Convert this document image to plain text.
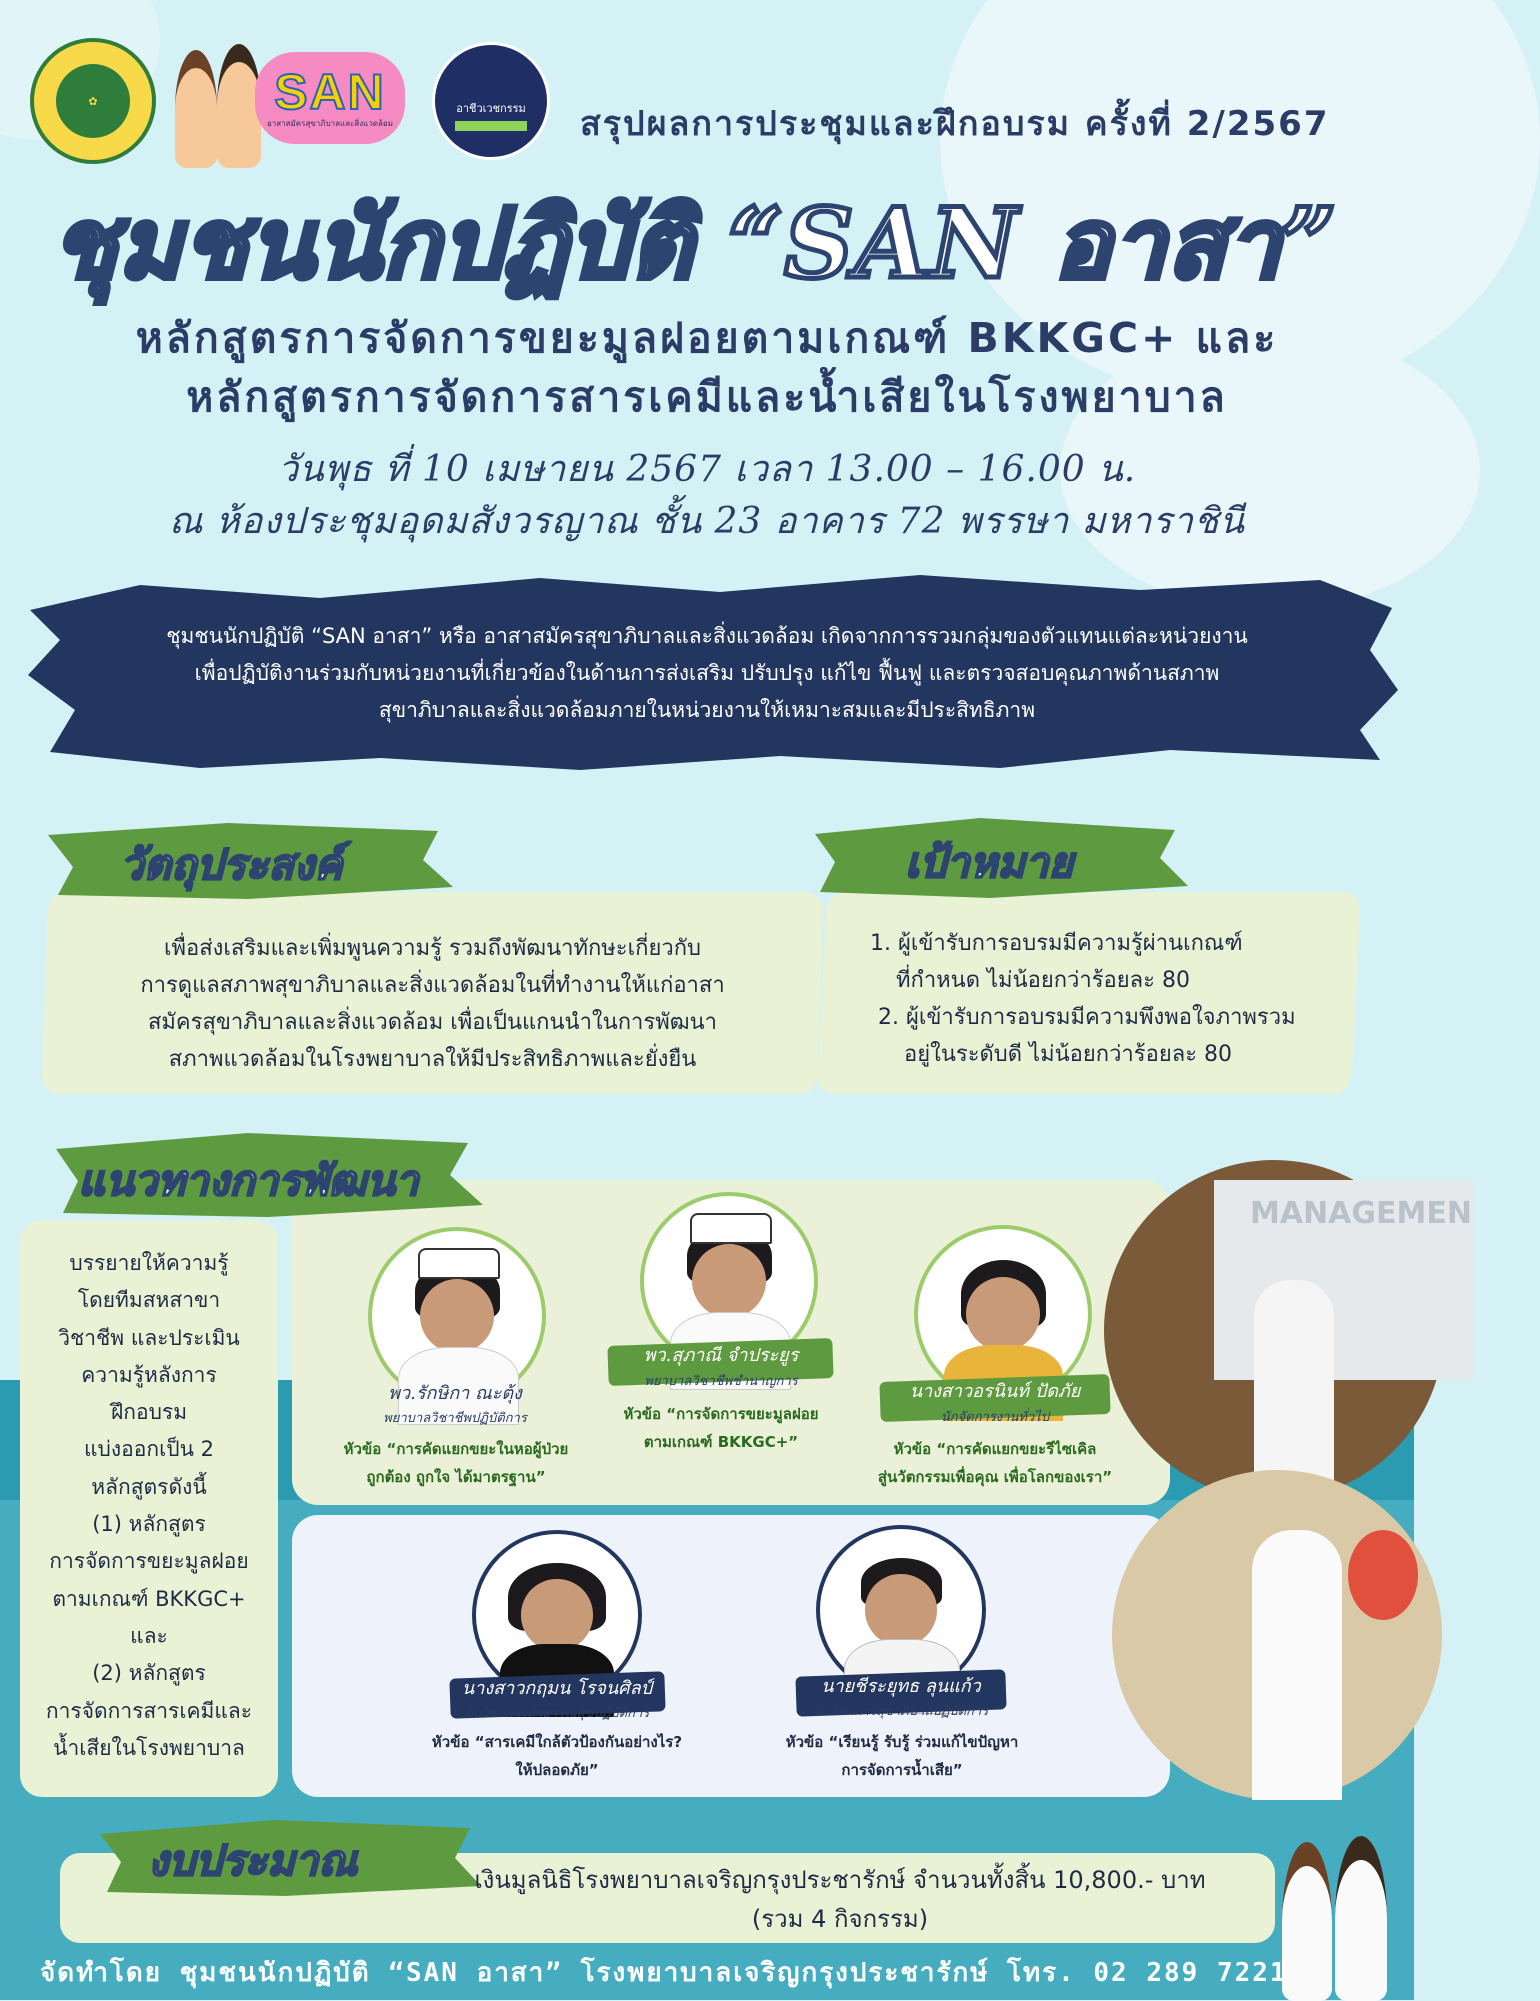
✿	SAN
อาสาสมัครสุขาภิบาลและสิ่งแวดล้อม
อาชีวเวชกรรม สรุปผลการประชุมและฝึกอบรม ครั้งที่ 2/2567
ชุมชนนักปฏิบัติ “SAN อาสา”
หลักสูตรการจัดการขยะมูลฝอยตามเกณฑ์ BKKGC+ และ
หลักสูตรการจัดการสารเคมีและน้ำเสียในโรงพยาบาล
วันพุธ ที่ 10 เมษายน 2567 เวลา 13.00 – 16.00 น.
ณ ห้องประชุมอุดมสังวรญาณ ชั้น 23 อาคาร 72 พรรษา มหาราชินี
ชุมชนนักปฏิบัติ “SAN อาสา” หรือ อาสาสมัครสุขาภิบาลและสิ่งแวดล้อม เกิดจากการรวมกลุ่มของตัวแทนแต่ละหน่วยงาน
เพื่อปฏิบัติงานร่วมกับหน่วยงานที่เกี่ยวข้องในด้านการส่งเสริม ปรับปรุง แก้ไข ฟื้นฟู และตรวจสอบคุณภาพด้านสภาพ
สุขาภิบาลและสิ่งแวดล้อมภายในหน่วยงานให้เหมาะสมและมีประสิทธิภาพ
วัตถุประสงค์
เพื่อส่งเสริมและเพิ่มพูนความรู้ รวมถึงพัฒนาทักษะเกี่ยวกับ
การดูแลสภาพสุขาภิบาลและสิ่งแวดล้อมในที่ทำงานให้แก่อาสา
สมัครสุขาภิบาลและสิ่งแวดล้อม เพื่อเป็นแกนนำในการพัฒนา
สภาพแวดล้อมในโรงพยาบาลให้มีประสิทธิภาพและยั่งยืน
เป้าหมาย
1. ผู้เข้ารับการอบรมมีความรู้ผ่านเกณฑ์
ที่กำหนด ไม่น้อยกว่าร้อยละ 80
2. ผู้เข้ารับการอบรมมีความพึงพอใจภาพรวม
อยู่ในระดับดี ไม่น้อยกว่าร้อยละ 80
แนวทางการพัฒนา
บรรยายให้ความรู้
โดยทีมสหสาขา
วิชาชีพ และประเมิน
ความรู้หลังการ
ฝึกอบรม
แบ่งออกเป็น 2
หลักสูตรดังนี้
(1) หลักสูตร
การจัดการขยะมูลฝอย
ตามเกณฑ์ BKKGC+
และ
(2) หลักสูตร
การจัดการสารเคมีและ
น้ำเสียในโรงพยาบาล
พว.รักษิกา ณะตุ้ง
พยาบาลวิชาชีพปฏิบัติการ
หัวข้อ “การคัดแยกขยะในหอผู้ป่วย
ถูกต้อง ถูกใจ ได้มาตรฐาน”
พว.สุภาณี จำประยูร
พยาบาลวิชาชีพชำนาญการ
หัวข้อ “การจัดการขยะมูลฝอย
ตามเกณฑ์ BKKGC+”
นางสาวอรนินท์ ปัดภัย
นักจัดการงานทั่วไป
หัวข้อ “การคัดแยกขยะรีไซเคิล
สู่นวัตกรรมเพื่อคุณ เพื่อโลกของเรา”
นางสาวกฤมน โรจนศิลป์
นักวิชาการสาธารณสุขปฏิบัติการ
หัวข้อ “สารเคมีใกล้ตัวป้องกันอย่างไร?
ให้ปลอดภัย”
นายชีระยุทธ ลุนแก้ว
นักวิชาการสุขาภิบาลปฏิบัติการ
หัวข้อ “เรียนรู้ รับรู้ ร่วมแก้ไขปัญหา
การจัดการน้ำเสีย”
MANAGEMEN
งบประมาณ	เงินมูลนิธิโรงพยาบาลเจริญกรุงประชารักษ์ จำนวนทั้งสิ้น 10,800.- บาท
(รวม 4 กิจกรรม)
จัดทำโดย ชุมชนนักปฏิบัติ “SAN อาสา” โรงพยาบาลเจริญกรุงประชารักษ์ โทร. 02 289 7221
